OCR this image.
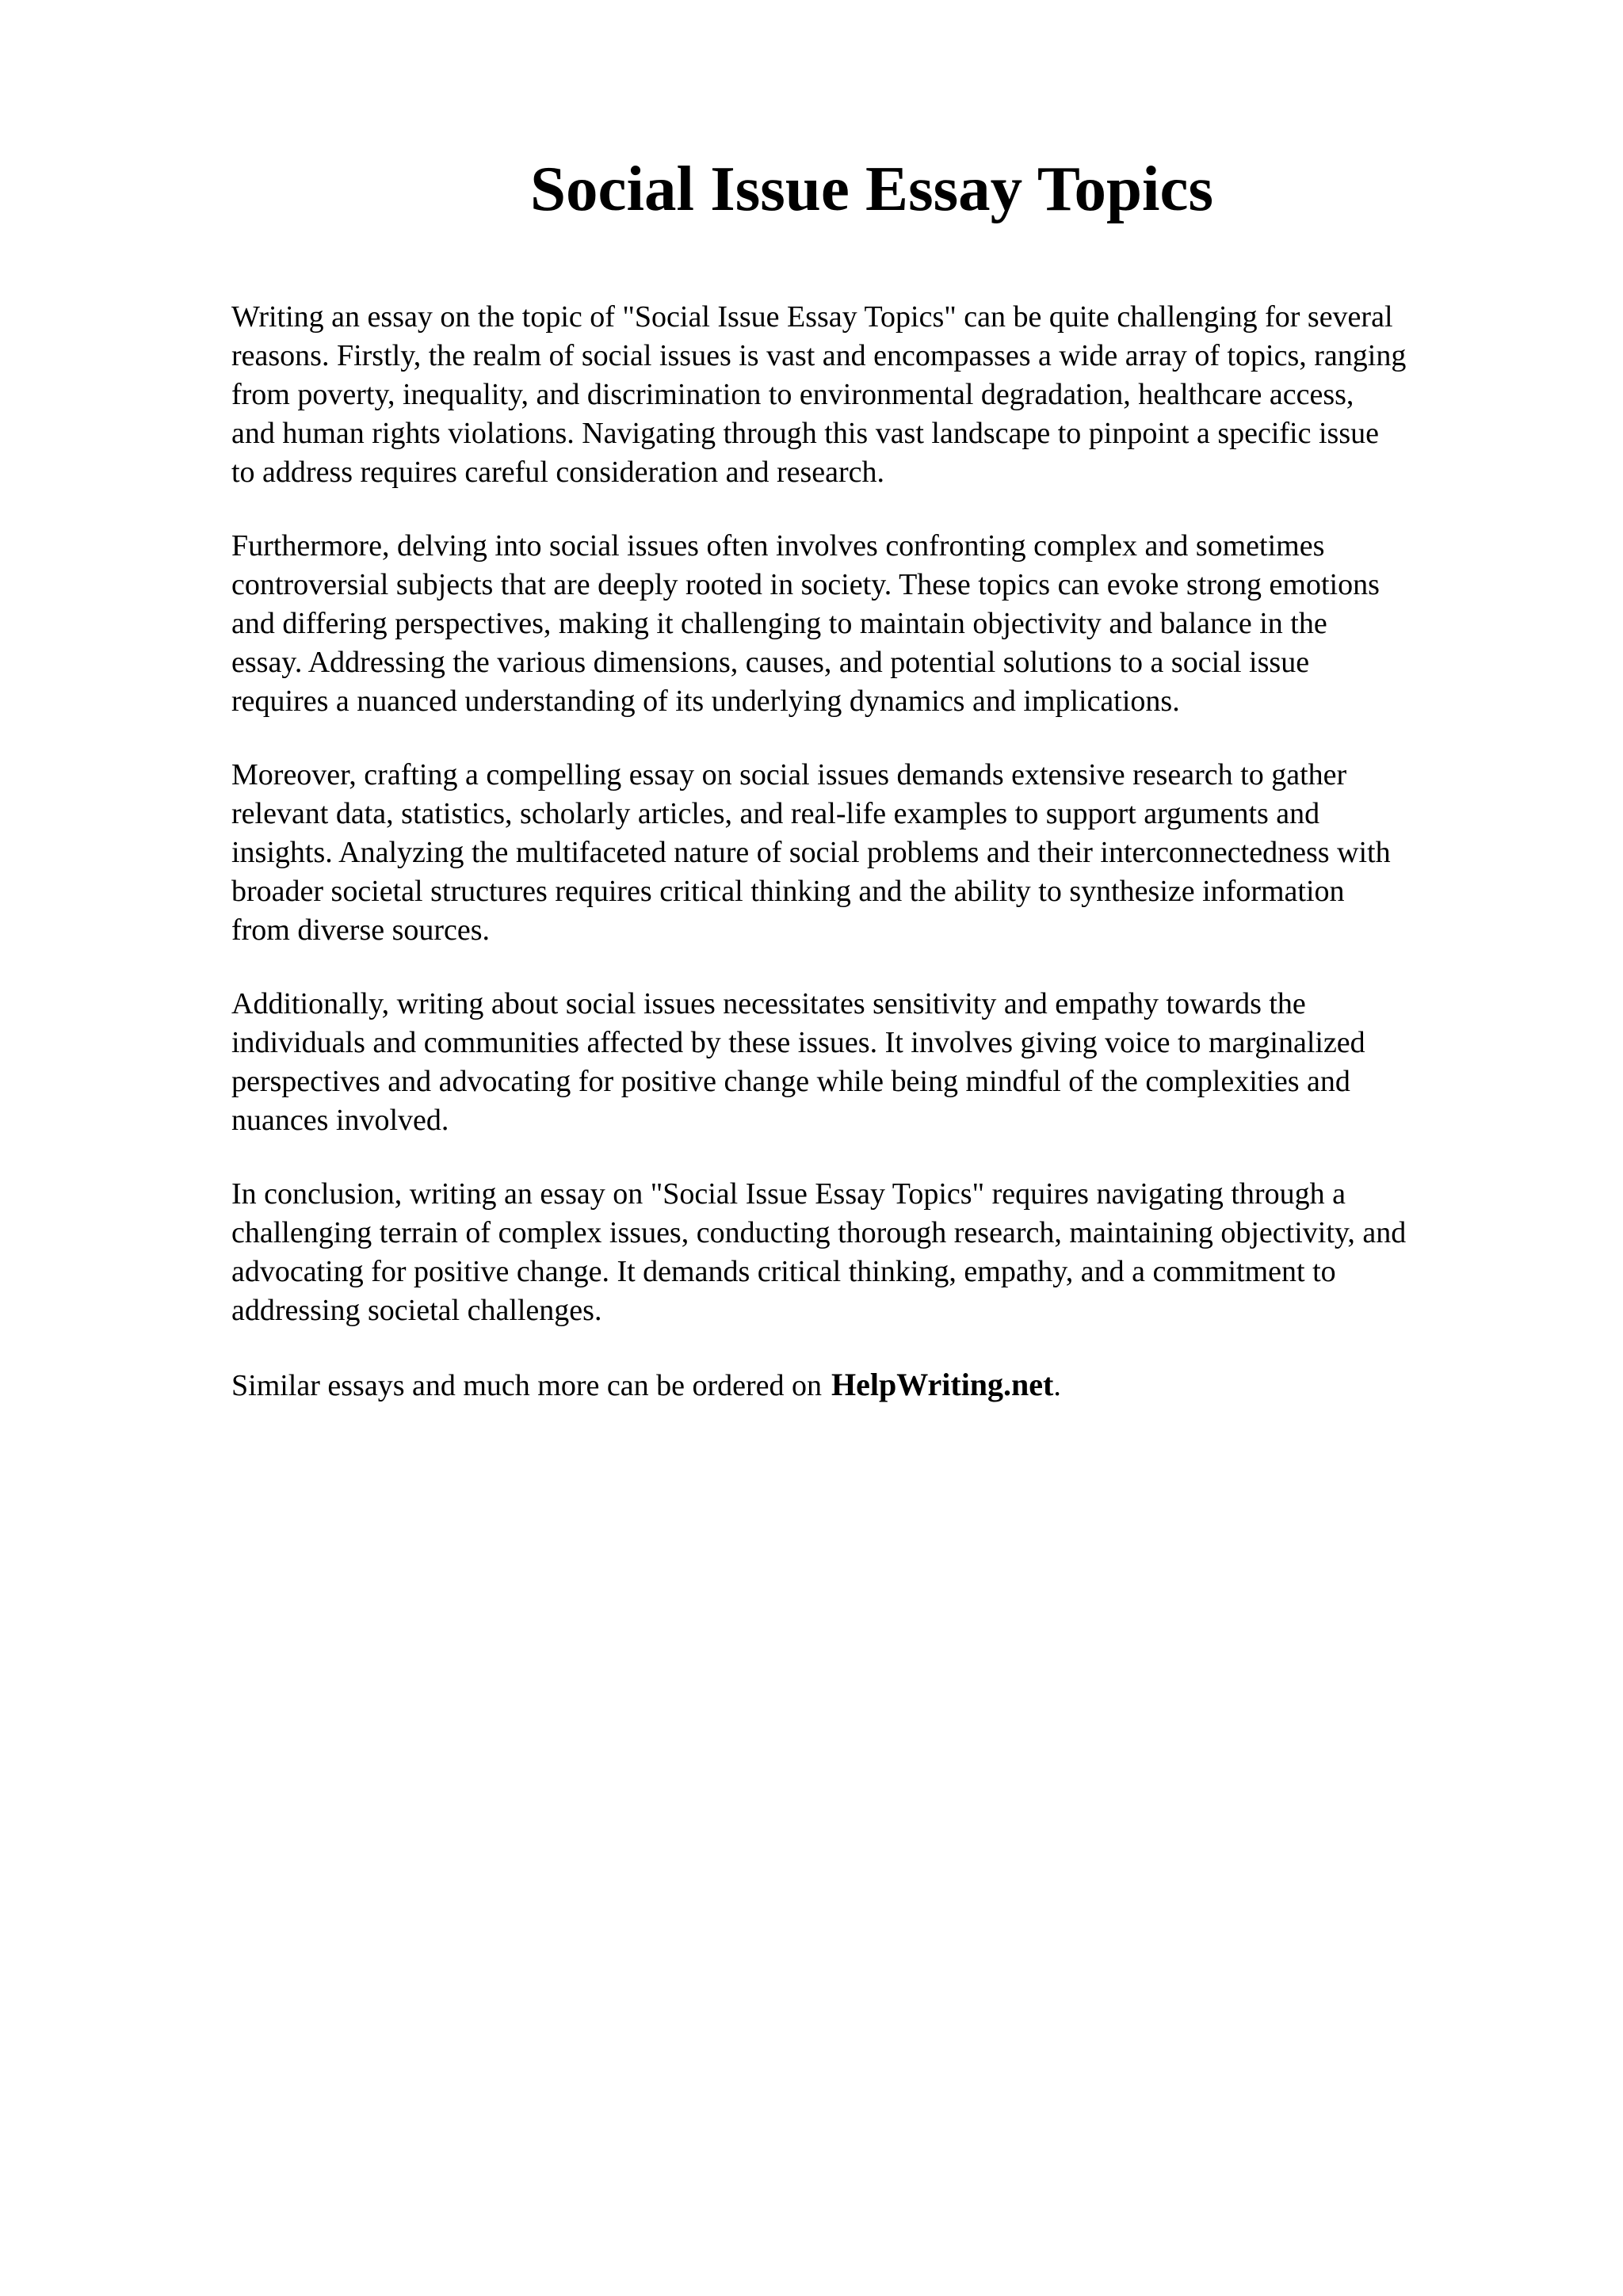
Social Issue Essay Topics

Writing an essay on the topic of "Social Issue Essay Topics" can be quite challenging for several
reasons. Firstly, the realm of social issues is vast and encompasses a wide array of topics, ranging
from poverty, inequality, and discrimination to environmental degradation, healthcare access,
and human rights violations. Navigating through this vast landscape to pinpoint a specific issue
to address requires careful consideration and research.

Furthermore, delving into social issues often involves confronting complex and sometimes
controversial subjects that are deeply rooted in society. These topics can evoke strong emotions
and differing perspectives, making it challenging to maintain objectivity and balance in the
essay. Addressing the various dimensions, causes, and potential solutions to a social issue
requires a nuanced understanding of its underlying dynamics and implications.

Moreover, crafting a compelling essay on social issues demands extensive research to gather
relevant data, statistics, scholarly articles, and real-life examples to support arguments and
insights. Analyzing the multifaceted nature of social problems and their interconnectedness with
broader societal structures requires critical thinking and the ability to synthesize information
from diverse sources.

Additionally, writing about social issues necessitates sensitivity and empathy towards the
individuals and communities affected by these issues. It involves giving voice to marginalized
perspectives and advocating for positive change while being mindful of the complexities and
nuances involved.

In conclusion, writing an essay on "Social Issue Essay Topics" requires navigating through a
challenging terrain of complex issues, conducting thorough research, maintaining objectivity, and
advocating for positive change. It demands critical thinking, empathy, and a commitment to
addressing societal challenges.

Similar essays and much more can be ordered on HelpWriting.net.
